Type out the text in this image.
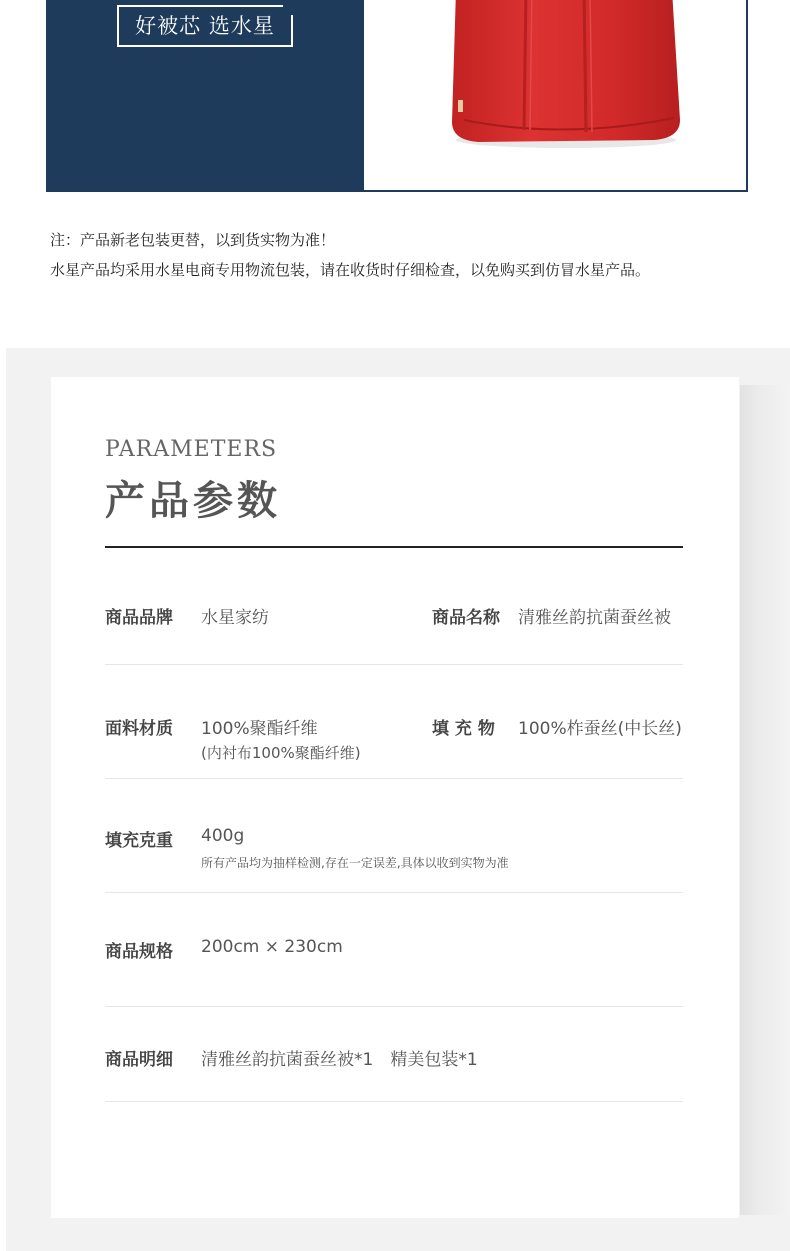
好被芯 选水星
注：产品新老包装更替，以到货实物为准！
水星产品均采用水星电商专用物流包装，请在收货时仔细检查，以免购买到仿冒水星产品。
PARAMETERS
产品参数
商品品牌 水星家纺	商品名称 清雅丝韵抗菌蚕丝被
面料材质 100%聚酯纤维
(内衬布100%聚酯纤维)
填 充 物 100%柞蚕丝(中长丝)
填充克重 400g
所有产品均为抽样检测,存在一定误差,具体以收到实物为准
商品规格 200cm × 230cm
商品明细 清雅丝韵抗菌蚕丝被*1　精美包装*1
